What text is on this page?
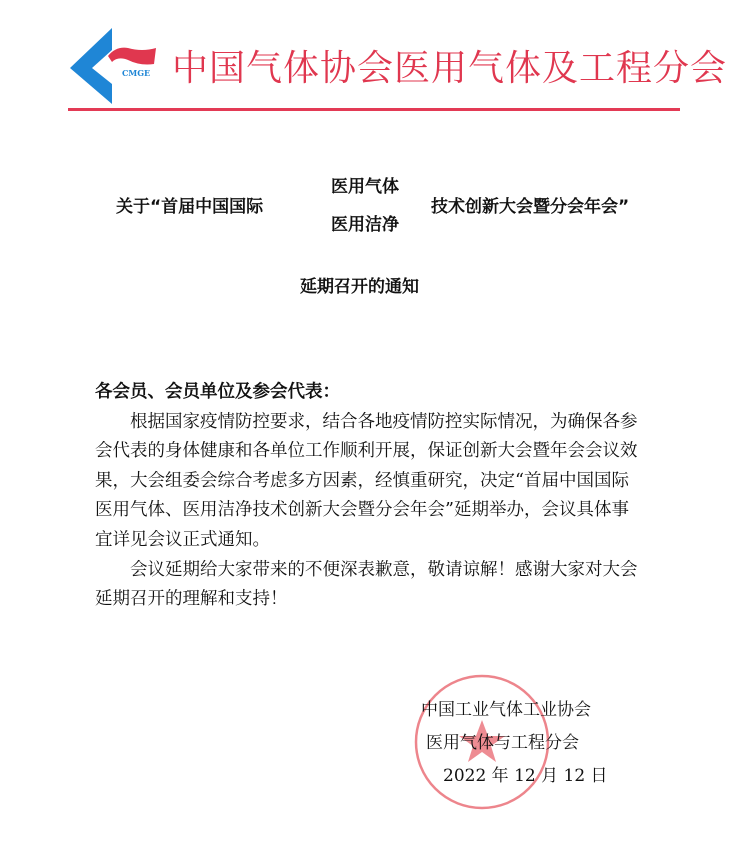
CMGE 中国气体协会医用气体及工程分会
关于“首届中国国际
医用气体
医用洁净
技术创新大会暨分会年会”
延期召开的通知
各会员、会员单位及参会代表：
　　根据国家疫情防控要求，结合各地疫情防控实际情况，为确保各参
会代表的身体健康和各单位工作顺利开展，保证创新大会暨年会会议效
果，大会组委会综合考虑多方因素，经慎重研究，决定“首届中国国际
医用气体、医用洁净技术创新大会暨分会年会”延期举办，会议具体事
宜详见会议正式通知。
　　会议延期给大家带来的不便深表歉意，敬请谅解！感谢大家对大会
延期召开的理解和支持！
中国工业气体工业协会
医用气体与工程分会
2022 年 12 月 12 日
